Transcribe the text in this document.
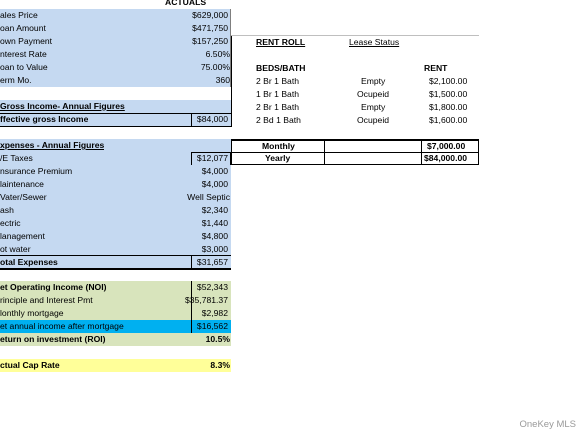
ACTUALS
ales Price	$629,000
oan Amount	$471,750
own Payment	$157,250
nterest Rate	6.50%
oan to Value	75.00%
erm Mo.	360
Gross Income- Annual Figures
ffective gross Income	$84,000
xpenses - Annual Figures
/E Taxes	$12,077
nsurance Premium	$4,000
laintenance	$4,000
Vater/Sewer	Well Septic
ash	$2,340
ectric	$1,440
lanagement	$4,800
ot water	$3,000
otal Expenses	$31,657
et Operating Income (NOI)	$52,343
rinciple and Interest Pmt	$35,781.37
lonthly mortgage	$2,982
et annual income after mortgage	$16,562
eturn on investment (ROI)	10.5%
ctual Cap Rate	8.3%
RENT ROLL	Lease Status
BEDS/BATH	RENT
2 Br 1 Bath	Empty	$2,100.00
1 Br 1 Bath	Ocupeid	$1,500.00
2 Br 1 Bath	Empty	$1,800.00
2 Bd 1 Bath	Ocupeid	$1,600.00
Monthly	$7,000.00
Yearly	$84,000.00
OneKey MLS
